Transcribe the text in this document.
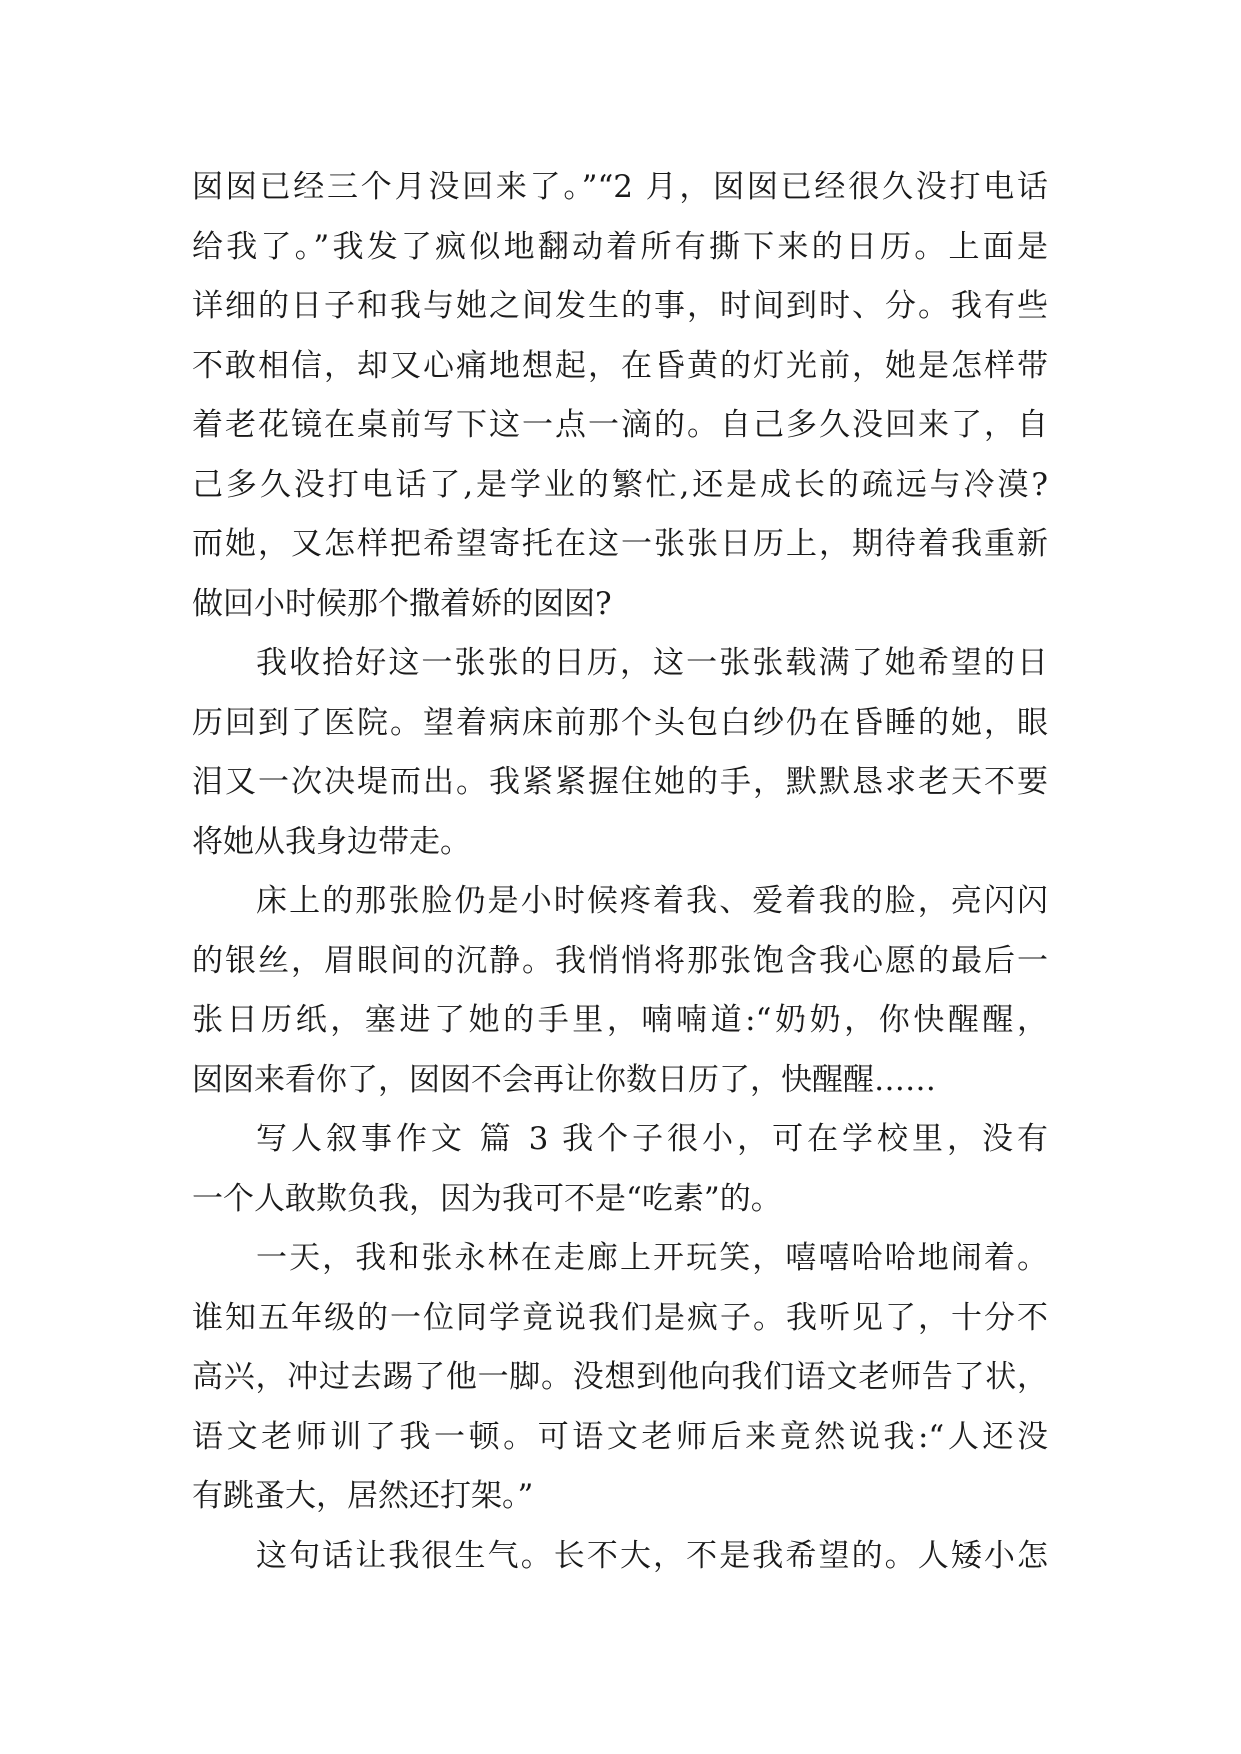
囡囡已经三个月没回来了。”“2 月，囡囡已经很久没打电话
给我了。”我发了疯似地翻动着所有撕下来的日历。上面是
详细的日子和我与她之间发生的事，时间到时、分。我有些
不敢相信，却又心痛地想起，在昏黄的灯光前，她是怎样带
着老花镜在桌前写下这一点一滴的。自己多久没回来了，自
己多久没打电话了,是学业的繁忙,还是成长的疏远与冷漠?
而她，又怎样把希望寄托在这一张张日历上，期待着我重新
做回小时候那个撒着娇的囡囡?
我收拾好这一张张的日历，这一张张载满了她希望的日
历回到了医院。望着病床前那个头包白纱仍在昏睡的她，眼
泪又一次决堤而出。我紧紧握住她的手，默默恳求老天不要
将她从我身边带走。
床上的那张脸仍是小时候疼着我、爱着我的脸，亮闪闪
的银丝，眉眼间的沉静。我悄悄将那张饱含我心愿的最后一
张日历纸，塞进了她的手里，喃喃道:“奶奶，你快醒醒，
囡囡来看你了，囡囡不会再让你数日历了，快醒醒……
写人叙事作文 篇 3 我个子很小，可在学校里，没有
一个人敢欺负我，因为我可不是“吃素”的。
一天，我和张永林在走廊上开玩笑，嘻嘻哈哈地闹着。
谁知五年级的一位同学竟说我们是疯子。我听见了，十分不
高兴，冲过去踢了他一脚。没想到他向我们语文老师告了状，
语文老师训了我一顿。可语文老师后来竟然说我:“人还没
有跳蚤大，居然还打架。”
这句话让我很生气。长不大，不是我希望的。人矮小怎
